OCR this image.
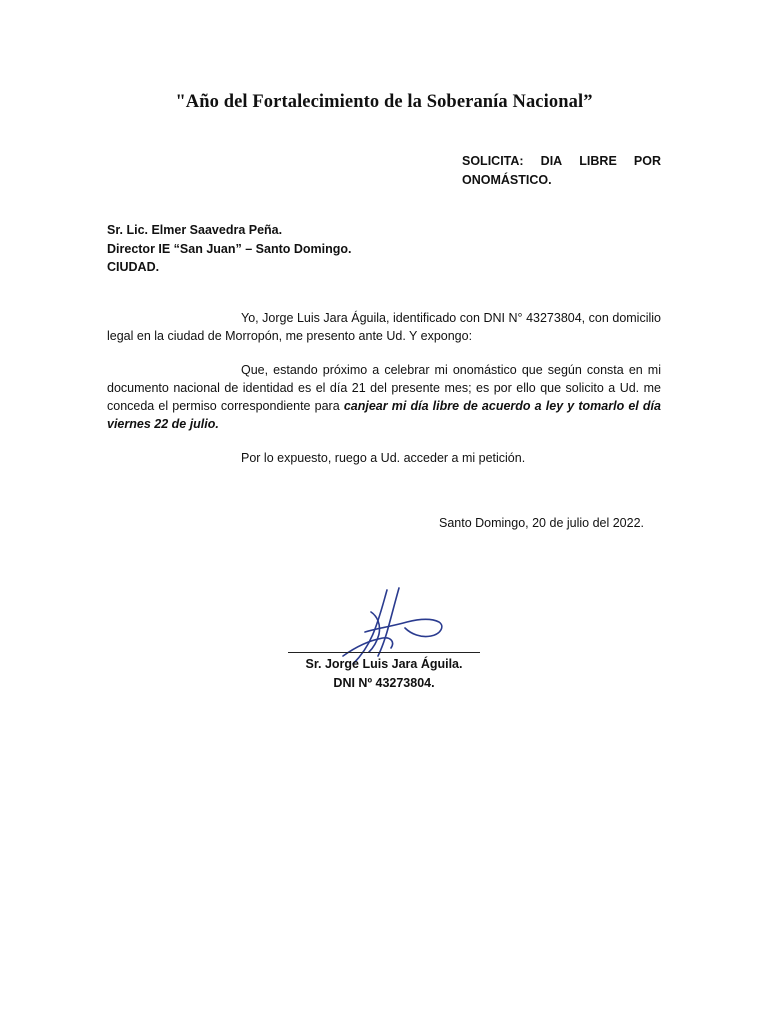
"Año del Fortalecimiento de la Soberanía Nacional”
SOLICITA: DIA LIBRE POR
ONOMÁSTICO.
Sr. Lic. Elmer Saavedra Peña.
Director IE “San Juan” – Santo Domingo.
CIUDAD.
Yo, Jorge Luis Jara Águila, identificado con DNI N° 43273804, con domicilio legal en la ciudad de Morropón, me presento ante Ud. Y expongo:
Que, estando próximo a celebrar mi onomástico que según consta en mi documento nacional de identidad es el día 21 del presente mes; es por ello que solicito a Ud. me conceda el permiso correspondiente para canjear mi día libre de acuerdo a ley y tomarlo el día viernes 22 de julio.
Por lo expuesto, ruego a Ud. acceder a mi petición.
Santo Domingo, 20 de julio del 2022.
Sr. Jorge Luis Jara Águila.
DNI Nº 43273804.
